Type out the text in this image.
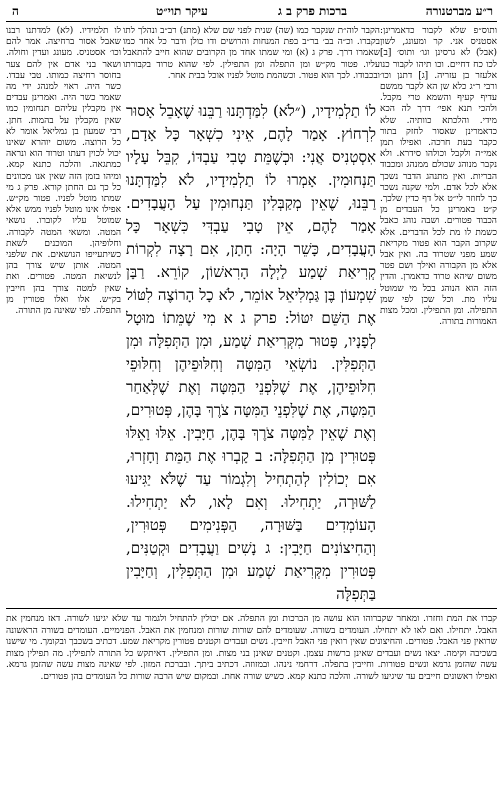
ר״ע מברטנורה
ברכות פרק ב ג
עיקר תוי״ט
ה

ותוס״פ שלא לקבור כדאמרינן: אסטניס אני. קר ומעונג, לשון (אבל) לא גרסינן וגו׳ ותוס׳ [ב] לכו כח דחיים. וכו תיהו לקבור כנו אלעזר בן עזריה. [ג] דתנן וכו׳ ורבי ר״ג כלא שן הא לקבר ממשם עדיף קעיף והשמא טרי מקבל. ולהכי תנא אפי׳ דרך לה הכא מידי. והלכתא כוותיה. שלא כדאמרינן שאסור לחזק בתור כקבר בעת חרכה. ואפילו תמן אמי״ה ולקבל וכולהו סידרא. ולא נקבר מנוהג שכולם ממנהג ומכבוד הבריות. ואין מתנהג הדבר נשכך אלא לכל אדם. ולמי שקנה נשכר כך לחוזר לי״ט אל דף כדין שלכך. ק״ט באמרינן כל העבדים מן הכבוד פטורים. ושבה נוהג כאבל כשמת לו מת לכל הדברים. אלא שקרוב הקבר הוא פטור מקריאת שמע מפני שטרוד בה. ואין אבל אלא מן הקבורה ואילך ושם פטר משום שיהא טרוד כדאמרן. והדין הזה הוא הנוהג בכל מי שמוטל עליו מת. וכל שכן לפי שמן התפילה. ומן התפילין. ומכל מצות האמורות בתורה.

הקבר לוה״ת שנקבר כמו (שה) שנית לפני שם שלא (מתנ) רב״ב ונהלך לתו בקברו. וכ״ה בב׳ בר״ב בפת המנחות והרושים ודו כולן ודבר כל אחד כמו שאמרו דרך. פרק ג (א) ומי שמתו אחד מן הקרובים שהוא חייב להתאבל עליו. פטור מק״ש ומן התפלה ומן התפילין. לפי שהוא טרוד בקבורתו ובכבודו. לכך הוא פטור. וכשהמת מוטל לפניו אוכל בבית אחר.

לו תלמידיו. (לא) למדתנו רבנו שאבל אסור ברחיצה. אמר להם וכו׳ אסטניס. מעונג ועדין וחולה. ושאר בני אדם אין להם צער בחוסר רחיצה כמותו. טבי עבדו. כשר היה. ראוי למנהג ידי מה שאמר כשר היה. ואמרינן עבדים אין מקבלין עליהם תנחומין כמו שאין מקבלין על בהמות. חתן. רבי שמעון בן גמליאל אומר לא כל הרוצה. משום יוהרא שאינו יכול לכוין דעתו וטרוד הוא ונראה כמתגאה. והלכה כתנא קמא. ומיהו בזמן הזה שאין אנו מכוונים כל כך גם החתן קורא. פרק ג מי שמתו מוטל לפניו. פטור מק״ש. אפילו אינו מוטל לפניו ממש אלא שמוטל עליו לקוברו. נושאי המטה. ומשאי המטה לקבורה. וחלופיהן. המוכנים לשאת כשיתעייפו הנושאים. את שלפני המטה. אותן שיש צורך בהן לנשיאת המטה. פטורים. ואת שאין למטה צורך בהן חייבין בק״ש. אלו ואלו פטורין מן התפלה. לפי שאינה מן התורה.

לוֹ תַלְמִידָיו, (״לֹא) לִמַּדְתָּנוּ רַבֵּנוּ שֶׁאָבֵל אָסוּר לִרְחוֹץ. אָמַר לָהֶם, אֵינִי כִשְׁאָר כָּל אָדָם, אִסְטְנִיס אֲנִי: וּכְשֶׁמֵּת טָבִי עַבְדּוֹ, קִבֵּל עָלָיו תַּנְחוּמִין. אָמְרוּ לוֹ תַלְמִידָיו, לֹא לִמַּדְתָּנוּ רַבֵּנוּ, שֶׁאֵין מְקַבְּלִין תַּנְחוּמִין עַל הָעֲבָדִים. אָמַר לָהֶם, אֵין טָבִי עַבְדִּי כִּשְׁאָר כָּל הָעֲבָדִים, כָּשֵׁר הָיָה: חָתָן, אִם רָצָה לִקְרוֹת קְרִיאַת שְׁמַע לַיְלָה הָרִאשׁוֹן, קוֹרֵא. רַבָּן שִׁמְעוֹן בֶּן גַּמְלִיאֵל אוֹמֵר, לֹא כָל הָרוֹצֶה לִטּוֹל אֶת הַשֵּׁם יִטּוֹל: פרק ג א מִי שֶׁמֵּתוֹ מוּטָל לְפָנָיו, פָּטוּר מִקְּרִיאַת שְׁמַע, וּמִן הַתְּפִלָּה וּמִן הַתְּפִלִּין. נוֹשְׂאֵי הַמִּטָּה וְחִלּוּפֵיהֶן וְחִלּוּפֵי חִלּוּפֵיהֶן, אֶת שֶׁלִּפְנֵי הַמִּטָּה וְאֶת שֶׁלְּאַחַר הַמִּטָּה, אֶת שֶׁלִּפְנֵי הַמִּטָּה צֹרֶךְ בָּהֶן, פְּטוּרִים, וְאֶת שֶׁאֵין לַמִּטָּה צֹרֶךְ בָּהֶן, חַיָּבִין. אֵלּוּ וָאֵלּוּ פְּטוּרִין מִן הַתְּפִלָּה: ב קָבְרוּ אֶת הַמֵּת וְחָזְרוּ, אִם יְכוֹלִין לְהַתְחִיל וְלִגְמוֹר עַד שֶׁלֹּא יַגִּיעוּ לַשּׁוּרָה, יַתְחִילוּ. וְאִם לָאו, לֹא יַתְחִילוּ. הָעוֹמְדִים בַּשּׁוּרָה, הַפְּנִימִים פְּטוּרִין, וְהַחִיצוֹנִים חַיָּבִין: ג נָשִׁים וַעֲבָדִים וּקְטַנִּים, פְּטוּרִין מִקְּרִיאַת שְׁמַע וּמִן הַתְּפִלִּין, וְחַיָּבִין בַּתְּפִלָּה

קברו את המת וחזרו. ומאחר שקברוהו הוא עושה מן הברכות ומן התפלה. אם יכולין להתחיל ולגמור עד שלא יגיעו לשורה. דאז מנחמין את האבל. יתחילו. ואם לאו לא יתחילו. העומדים בשורה. שעומדים להם שורות שורות ומנחמין את האבל. הפנימיים. העומדים בשורה הראשונה שרואין פני האבל. פטורים. והחיצונים שאין רואין פני האבל חייבין. נשים ועבדים וקטנים פטורין מקריאת שמע. דכתיב בשכבך ובקומך. מי שישנו בשכיבה וקימה. יצאו נשים ועבדים שאינן ברשות עצמן. וקטנים שאינן בני מצות. ומן התפילין. דאיתקש כל התורה לתפילין. מה תפילין מצות עשה שהזמן גרמא ונשים פטורות. וחייבין בתפלה. דרחמי נינהו. ובמזוזה. דכתיב ביתך. ובברכת המזון. לפי שאינה מצות עשה שהזמן גרמא. ואפילו ראשונים חייבים עד שיגיעו לשורה. והלכה כתנא קמא. כשיש שורה אחת. ובמקום שיש הרבה שורות כל העומדים בהן פטורים.
